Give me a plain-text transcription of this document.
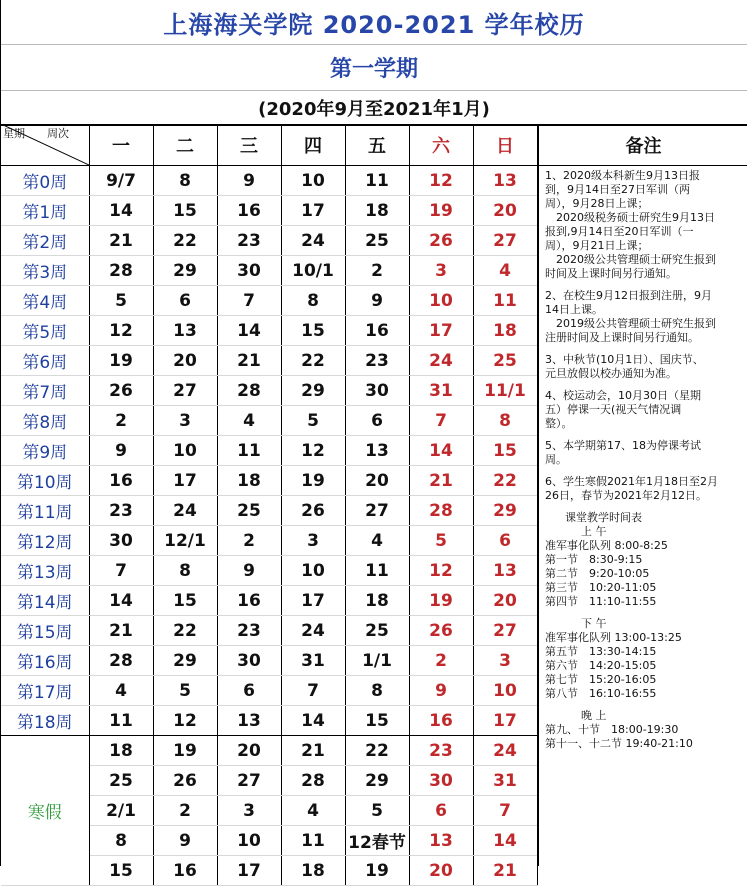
上海海关学院 2020-2021 学年校历
第一学期
(2020年9月至2021年1月)
星期 周次	一	二	三	四	五	六	日
第0周	9/7	8	9	10	11	12	13
第1周	14	15	16	17	18	19	20
第2周	21	22	23	24	25	26	27
第3周	28	29	30	10/1	2	3	4
第4周	5	6	7	8	9	10	11
第5周	12	13	14	15	16	17	18
第6周	19	20	21	22	23	24	25
第7周	26	27	28	29	30	31	11/1
第8周	2	3	4	5	6	7	8
第9周	9	10	11	12	13	14	15
第10周	16	17	18	19	20	21	22
第11周	23	24	25	26	27	28	29
第12周	30	12/1	2	3	4	5	6
第13周	7	8	9	10	11	12	13
第14周	14	15	16	17	18	19	20
第15周	21	22	23	24	25	26	27
第16周	28	29	30	31	1/1	2	3
第17周	4	5	6	7	8	9	10
第18周	11	12	13	14	15	16	17
寒假	18	19	20	21	22	23	24
	25	26	27	28	29	30	31
	2/1	2	3	4	5	6	7
	8	9	10	11	12春节	13	14
	15	16	17	18	19	20	21
备注

1、2020级本科新生9月13日报
到，9月14日至27日军训（两
周），9月28日上课；
　2020级税务硕士研究生9月13日
报到,9月14日至20日军训（一
周），9月21日上课；
　2020级公共管理硕士研究生报到
时间及上课时间另行通知。

2、在校生9月12日报到注册，9月
14日上课。
　2019级公共管理硕士研究生报到
注册时间及上课时间另行通知。

3、中秋节(10月1日）、国庆节、
元旦放假以校办通知为准。

4、校运动会，10月30日（星期
五）停课一天(视天气情况调
整）。

5、本学期第17、18为停课考试
周。

6、学生寒假2021年1月18日至2月
26日，春节为2021年2月12日。

课堂教学时间表
上 午
准军事化队列 8:00-8:25
第一节　8:30-9:15
第二节　9:20-10:05
第三节　10:20-11:05
第四节　11:10-11:55
下 午
准军事化队列 13:00-13:25
第五节　13:30-14:15
第六节　14:20-15:05
第七节　15:20-16:05
第八节　16:10-16:55
晚 上
第九、十节　18:00-19:30
第十一、十二节 19:40-21:10
